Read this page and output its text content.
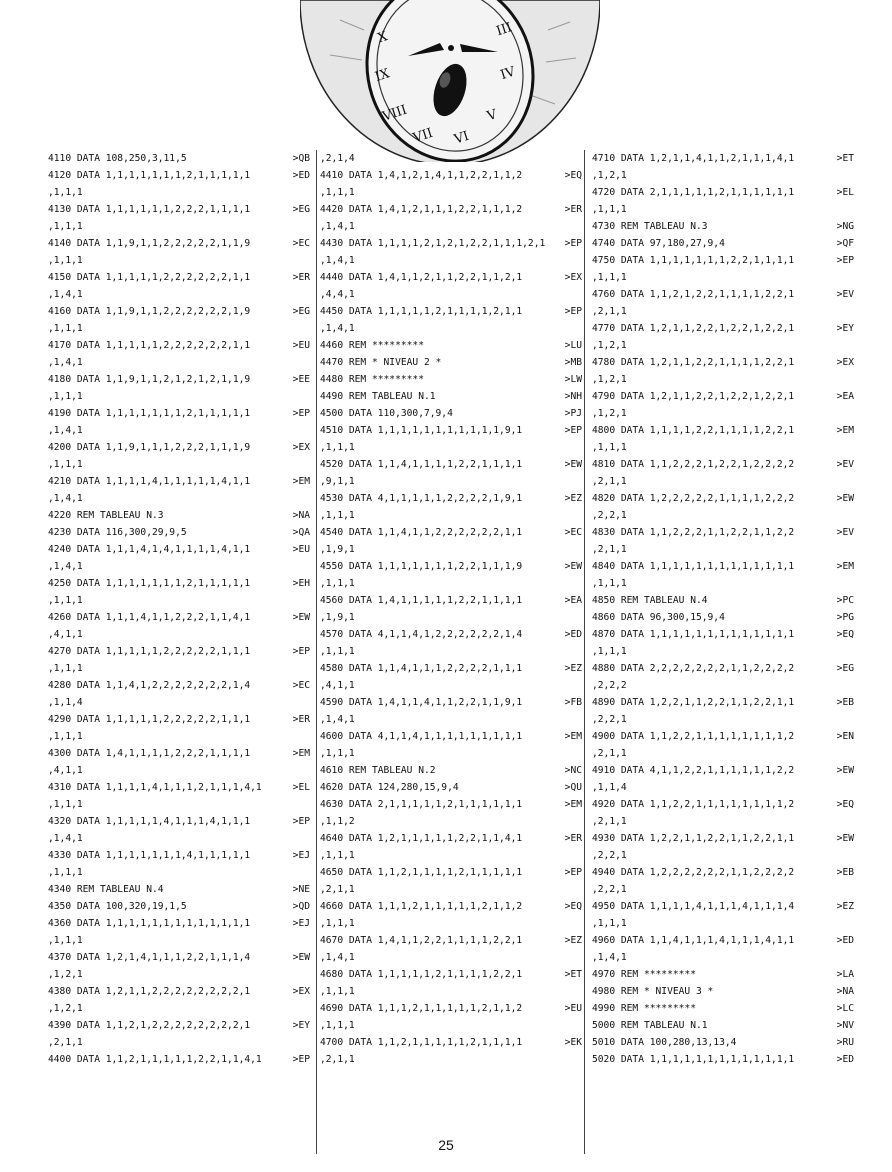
III
IV
V
VI
VII
VIII
IX
X
4110 DATA 108,250,3,11,5	>QB
4120 DATA 1,1,1,1,1,1,1,2,1,1,1,1,1	>ED
,1,1,1
4130 DATA 1,1,1,1,1,1,2,2,2,1,1,1,1	>EG
,1,1,1
4140 DATA 1,1,9,1,1,2,2,2,2,2,1,1,9	>EC
,1,1,1
4150 DATA 1,1,1,1,1,2,2,2,2,2,2,1,1	>ER
,1,4,1
4160 DATA 1,1,9,1,1,2,2,2,2,2,2,1,9	>EG
,1,1,1
4170 DATA 1,1,1,1,1,2,2,2,2,2,2,1,1	>EU
,1,4,1
4180 DATA 1,1,9,1,1,2,1,2,1,2,1,1,9	>EE
,1,1,1
4190 DATA 1,1,1,1,1,1,1,2,1,1,1,1,1	>EP
,1,4,1
4200 DATA 1,1,9,1,1,1,2,2,2,1,1,1,9	>EX
,1,1,1
4210 DATA 1,1,1,1,4,1,1,1,1,1,4,1,1	>EM
,1,4,1
4220 REM TABLEAU N.3	>NA
4230 DATA 116,300,29,9,5	>QA
4240 DATA 1,1,1,4,1,4,1,1,1,1,4,1,1	>EU
,1,4,1
4250 DATA 1,1,1,1,1,1,1,2,1,1,1,1,1	>EH
,1,1,1
4260 DATA 1,1,1,4,1,1,2,2,2,1,1,4,1	>EW
,4,1,1
4270 DATA 1,1,1,1,1,2,2,2,2,2,1,1,1	>EP
,1,1,1
4280 DATA 1,1,4,1,2,2,2,2,2,2,2,1,4	>EC
,1,1,4
4290 DATA 1,1,1,1,1,2,2,2,2,2,1,1,1	>ER
,1,1,1
4300 DATA 1,4,1,1,1,1,2,2,2,1,1,1,1	>EM
,4,1,1
4310 DATA 1,1,1,1,4,1,1,1,2,1,1,1,4,1	>EL
,1,1,1
4320 DATA 1,1,1,1,1,4,1,1,1,4,1,1,1	>EP
,1,4,1
4330 DATA 1,1,1,1,1,1,1,4,1,1,1,1,1	>EJ
,1,1,1
4340 REM TABLEAU N.4	>NE
4350 DATA 100,320,19,1,5	>QD
4360 DATA 1,1,1,1,1,1,1,1,1,1,1,1,1	>EJ
,1,1,1
4370 DATA 1,2,1,4,1,1,1,2,2,1,1,1,4	>EW
,1,2,1
4380 DATA 1,2,1,1,2,2,2,2,2,2,2,2,1	>EX
,1,2,1
4390 DATA 1,1,2,1,2,2,2,2,2,2,2,2,1	>EY
,2,1,1
4400 DATA 1,1,2,1,1,1,1,1,2,2,1,1,4,1	>EP
,2,1,4
4410 DATA 1,4,1,2,1,4,1,1,2,2,1,1,2	>EQ
,1,1,1
4420 DATA 1,4,1,2,1,1,1,2,2,1,1,1,2	>ER
,1,4,1
4430 DATA 1,1,1,1,2,1,2,1,2,2,1,1,1,2,1 >EP
,1,4,1
4440 DATA 1,4,1,1,2,1,1,2,2,1,1,2,1	>EX
,4,4,1
4450 DATA 1,1,1,1,1,2,1,1,1,1,2,1,1	>EP
,1,4,1
4460 REM *********	>LU
4470 REM * NIVEAU 2 *	>MB
4480 REM *********	>LW
4490 REM TABLEAU N.1	>NH
4500 DATA 110,300,7,9,4	>PJ
4510 DATA 1,1,1,1,1,1,1,1,1,1,1,9,1	>EP
,1,1,1
4520 DATA 1,1,4,1,1,1,1,2,2,1,1,1,1	>EW
,9,1,1
4530 DATA 4,1,1,1,1,1,2,2,2,2,1,9,1	>EZ
,1,1,1
4540 DATA 1,1,4,1,1,2,2,2,2,2,2,1,1	>EC
,1,9,1
4550 DATA 1,1,1,1,1,1,1,2,2,1,1,1,9	>EW
,1,1,1
4560 DATA 1,4,1,1,1,1,1,2,2,1,1,1,1	>EA
,1,9,1
4570 DATA 4,1,1,4,1,2,2,2,2,2,2,1,4	>ED
,1,1,1
4580 DATA 1,1,4,1,1,1,2,2,2,2,1,1,1	>EZ
,4,1,1
4590 DATA 1,4,1,1,4,1,1,2,2,1,1,9,1	>FB
,1,4,1
4600 DATA 4,1,1,4,1,1,1,1,1,1,1,1,1	>EM
,1,1,1
4610 REM TABLEAU N.2	>NC
4620 DATA 124,280,15,9,4	>QU
4630 DATA 2,1,1,1,1,1,2,1,1,1,1,1,1	>EM
,1,1,2
4640 DATA 1,2,1,1,1,1,1,2,2,1,1,4,1	>ER
,1,1,1
4650 DATA 1,1,2,1,1,1,1,2,1,1,1,1,1	>EP
,2,1,1
4660 DATA 1,1,1,2,1,1,1,1,1,2,1,1,2	>EQ
,1,1,1
4670 DATA 1,4,1,1,2,2,1,1,1,1,2,2,1	>EZ
,1,4,1
4680 DATA 1,1,1,1,1,2,1,1,1,1,2,2,1	>ET
,1,1,1
4690 DATA 1,1,1,2,1,1,1,1,1,2,1,1,2	>EU
,1,1,1
4700 DATA 1,1,2,1,1,1,1,1,2,1,1,1,1	>EK
,2,1,1
4710 DATA 1,2,1,1,4,1,1,2,1,1,1,4,1	>ET
,1,2,1
4720 DATA 2,1,1,1,1,1,2,1,1,1,1,1,1	>EL
,1,1,1
4730 REM TABLEAU N.3	>NG
4740 DATA 97,180,27,9,4	>QF
4750 DATA 1,1,1,1,1,1,1,2,2,1,1,1,1	>EP
,1,1,1
4760 DATA 1,1,2,1,2,2,1,1,1,1,2,2,1	>EV
,2,1,1
4770 DATA 1,2,1,1,2,2,1,2,2,1,2,2,1	>EY
,1,2,1
4780 DATA 1,2,1,1,2,2,1,1,1,1,2,2,1	>EX
,1,2,1
4790 DATA 1,2,1,1,2,2,1,2,2,1,2,2,1	>EA
,1,2,1
4800 DATA 1,1,1,1,2,2,1,1,1,1,2,2,1	>EM
,1,1,1
4810 DATA 1,1,2,2,2,1,2,2,1,2,2,2,2	>EV
,2,1,1
4820 DATA 1,2,2,2,2,2,1,1,1,1,2,2,2	>EW
,2,2,1
4830 DATA 1,1,2,2,2,1,1,2,2,1,1,2,2	>EV
,2,1,1
4840 DATA 1,1,1,1,1,1,1,1,1,1,1,1,1	>EM
,1,1,1
4850 REM TABLEAU N.4	>PC
4860 DATA 96,300,15,9,4	>PG
4870 DATA 1,1,1,1,1,1,1,1,1,1,1,1,1	>EQ
,1,1,1
4880 DATA 2,2,2,2,2,2,2,1,1,2,2,2,2	>EG
,2,2,2
4890 DATA 1,2,2,1,1,2,2,1,1,2,2,1,1	>EB
,2,2,1
4900 DATA 1,1,2,2,1,1,1,1,1,1,1,1,2	>EN
,2,1,1
4910 DATA 4,1,1,2,2,1,1,1,1,1,1,2,2	>EW
,1,1,4
4920 DATA 1,1,2,2,1,1,1,1,1,1,1,1,2	>EQ
,2,1,1
4930 DATA 1,2,2,1,1,2,2,1,1,2,2,1,1	>EW
,2,2,1
4940 DATA 1,2,2,2,2,2,2,1,1,2,2,2,2	>EB
,2,2,1
4950 DATA 1,1,1,1,4,1,1,1,4,1,1,1,4	>EZ
,1,1,1
4960 DATA 1,1,4,1,1,1,4,1,1,1,4,1,1	>ED
,1,4,1
4970 REM *********	>LA
4980 REM * NIVEAU 3 *	>NA
4990 REM *********	>LC
5000 REM TABLEAU N.1	>NV
5010 DATA 100,280,13,13,4	>RU
5020 DATA 1,1,1,1,1,1,1,1,1,1,1,1,1	>ED
25
